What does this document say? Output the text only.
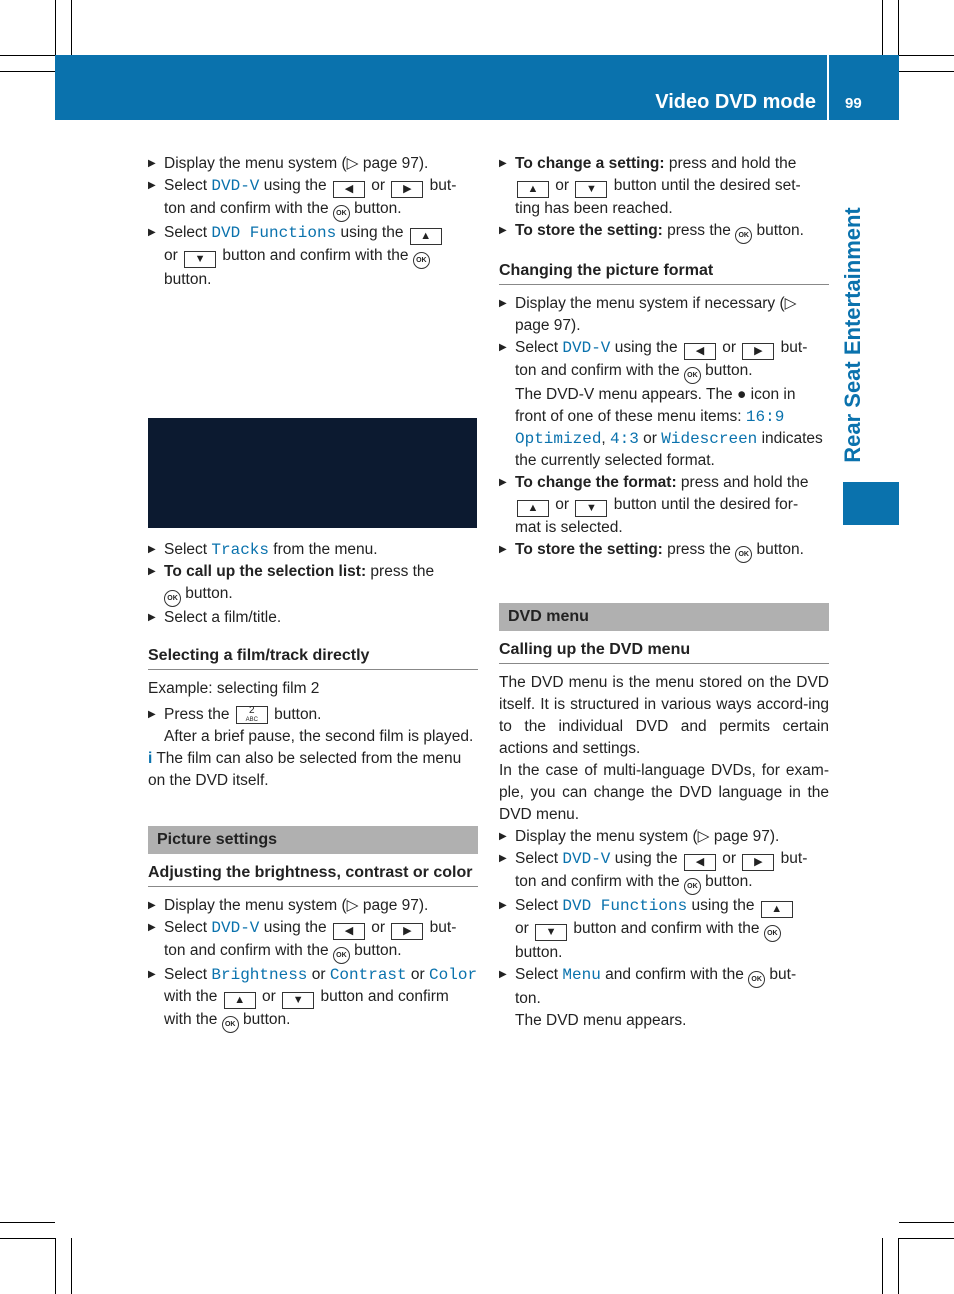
Video DVD mode 99
Rear Seat Entertainment

▶ Display the menu system (▷ page 97).

▶ Select DVD-V using the ◀ or ▶ but-
ton and confirm with the OK button.

▶ Select DVD Functions using the ▲
or ▼ button and confirm with the OK
button.

▶ Select Tracks from the menu.

▶ To call up the selection list: press the
OK button.

▶ Select a film/title.

Selecting a film/track directly

Example: selecting film 2

▶ Press the 2
ABC button.
After a brief pause, the second film is played.

i The film can also be selected from the menu on the DVD itself.

Picture settings
Adjusting the brightness, contrast or color

▶ Display the menu system (▷ page 97).

▶ Select DVD-V using the ◀ or ▶ but-
ton and confirm with the OK button.

▶ Select Brightness or Contrast or Color
with the ▲ or ▼ button and confirm
with the OK button.

▶ To change a setting: press and hold the
▲ or ▼ button until the desired set-
ting has been reached.

▶ To store the setting: press the OK button.

Changing the picture format

▶ Display the menu system if necessary (▷ page 97).

▶ Select DVD-V using the ◀ or ▶ but-
ton and confirm with the OK button.
The DVD-V menu appears. The ● icon in front of one of these menu items: 16:9 Optimized, 4:3 or Widescreen indicates the currently selected format.

▶ To change the format: press and hold the
▲ or ▼ button until the desired for-
mat is selected.

▶ To store the setting: press the OK button.

DVD menu
Calling up the DVD menu

The DVD menu is the menu stored on the DVD itself. It is structured in various ways accord-ing to the individual DVD and permits certain actions and settings.

In the case of multi-language DVDs, for exam-ple, you can change the DVD language in the DVD menu.

▶ Display the menu system (▷ page 97).

▶ Select DVD-V using the ◀ or ▶ but-
ton and confirm with the OK button.

▶ Select DVD Functions using the ▲
or ▼ button and confirm with the OK
button.

▶ Select Menu and confirm with the OK but-
ton.
The DVD menu appears.
